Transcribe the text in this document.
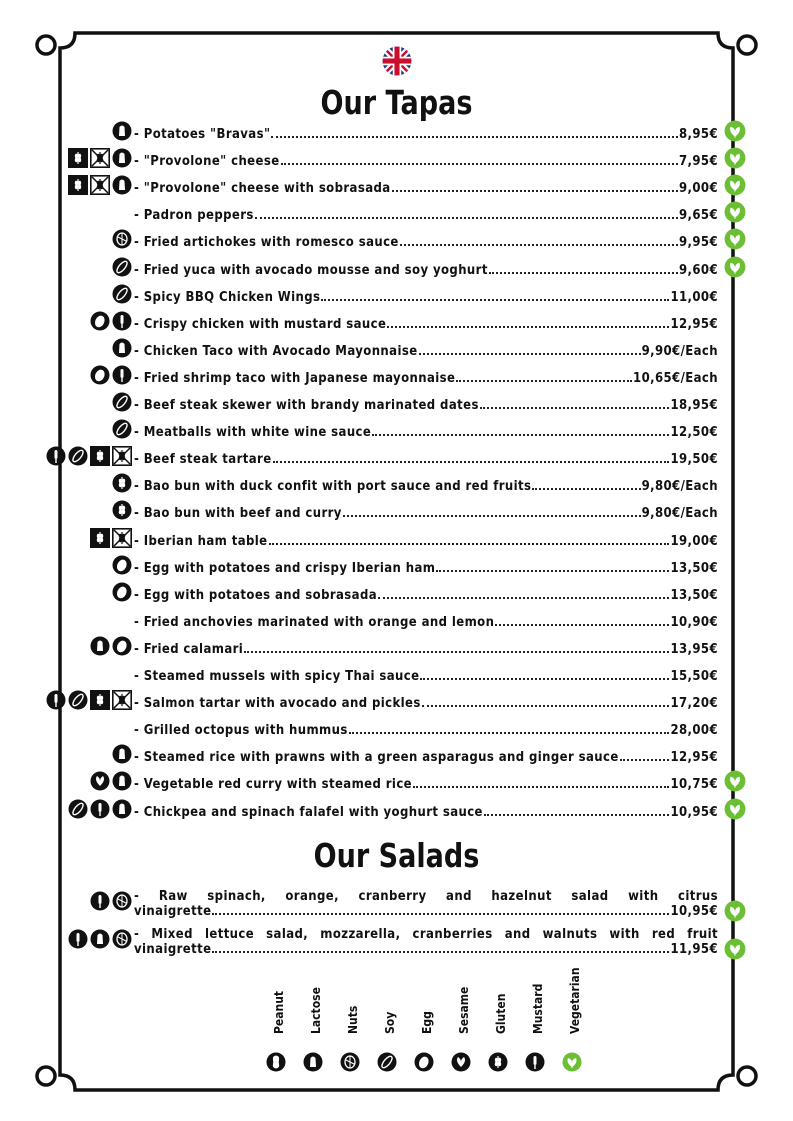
Our Tapas
- Potatoes "Bravas"	8,95€
- "Provolone" cheese	7,95€
- "Provolone" cheese with sobrasada	9,00€
- Padron peppers	9,65€
- Fried artichokes with romesco sauce	9,95€
- Fried yuca with avocado mousse and soy yoghurt	9,60€
- Spicy BBQ Chicken Wings	11,00€
- Crispy chicken with mustard sauce	12,95€
- Chicken Taco with Avocado Mayonnaise	9,90€/Each
- Fried shrimp taco with Japanese mayonnaise	10,65€/Each
- Beef steak skewer with brandy marinated dates	18,95€
- Meatballs with white wine sauce	12,50€
- Beef steak tartare	19,50€
- Bao bun with duck confit with port sauce and red fruits	9,80€/Each
- Bao bun with beef and curry	9,80€/Each
- Iberian ham table	19,00€
- Egg with potatoes and crispy Iberian ham	13,50€
- Egg with potatoes and sobrasada	13,50€
- Fried anchovies marinated with orange and lemon	10,90€
- Fried calamari	13,95€
- Steamed mussels with spicy Thai sauce	15,50€
- Salmon tartar with avocado and pickles	17,20€
- Grilled octopus with hummus	28,00€
- Steamed rice with prawns with a green asparagus and ginger sauce	12,95€
- Vegetable red curry with steamed rice	10,75€
- Chickpea and spinach falafel with yoghurt sauce	10,95€
Our Salads
- Raw spinach, orange, cranberry and hazelnut salad with citrus
vinaigrette	10,95€
- Mixed lettuce salad, mozzarella, cranberries and walnuts with red fruit
vinaigrette	11,95€
Peanut Lactose Nuts Soy Egg Sesame Gluten Mustard Vegetarian
